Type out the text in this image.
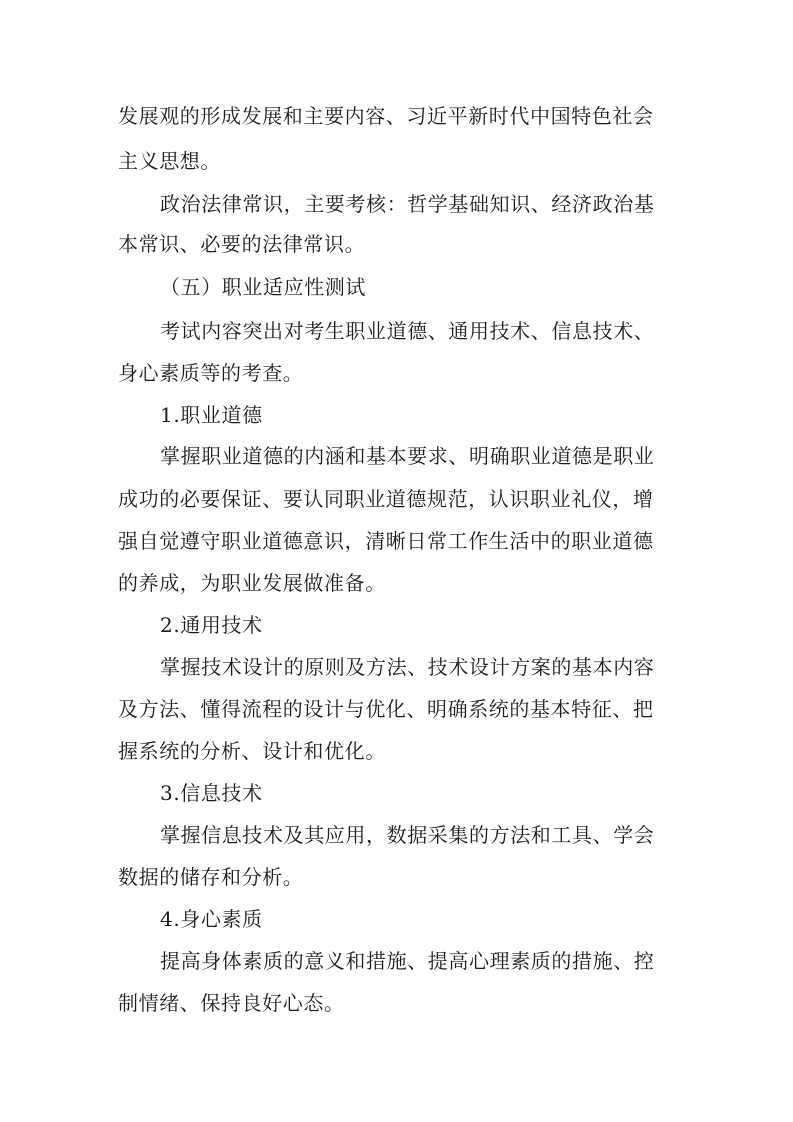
发展观的形成发展和主要内容、习近平新时代中国特色社会
主义思想。
政治法律常识，主要考核：哲学基础知识、经济政治基
本常识、必要的法律常识。
（五）职业适应性测试
考试内容突出对考生职业道德、通用技术、信息技术、
身心素质等的考查。
1.职业道德
掌握职业道德的内涵和基本要求、明确职业道德是职业
成功的必要保证、要认同职业道德规范，认识职业礼仪，增
强自觉遵守职业道德意识，清晰日常工作生活中的职业道德
的养成，为职业发展做准备。
2.通用技术
掌握技术设计的原则及方法、技术设计方案的基本内容
及方法、懂得流程的设计与优化、明确系统的基本特征、把
握系统的分析、设计和优化。
3.信息技术
掌握信息技术及其应用，数据采集的方法和工具、学会
数据的储存和分析。
4.身心素质
提高身体素质的意义和措施、提高心理素质的措施、控
制情绪、保持良好心态。
